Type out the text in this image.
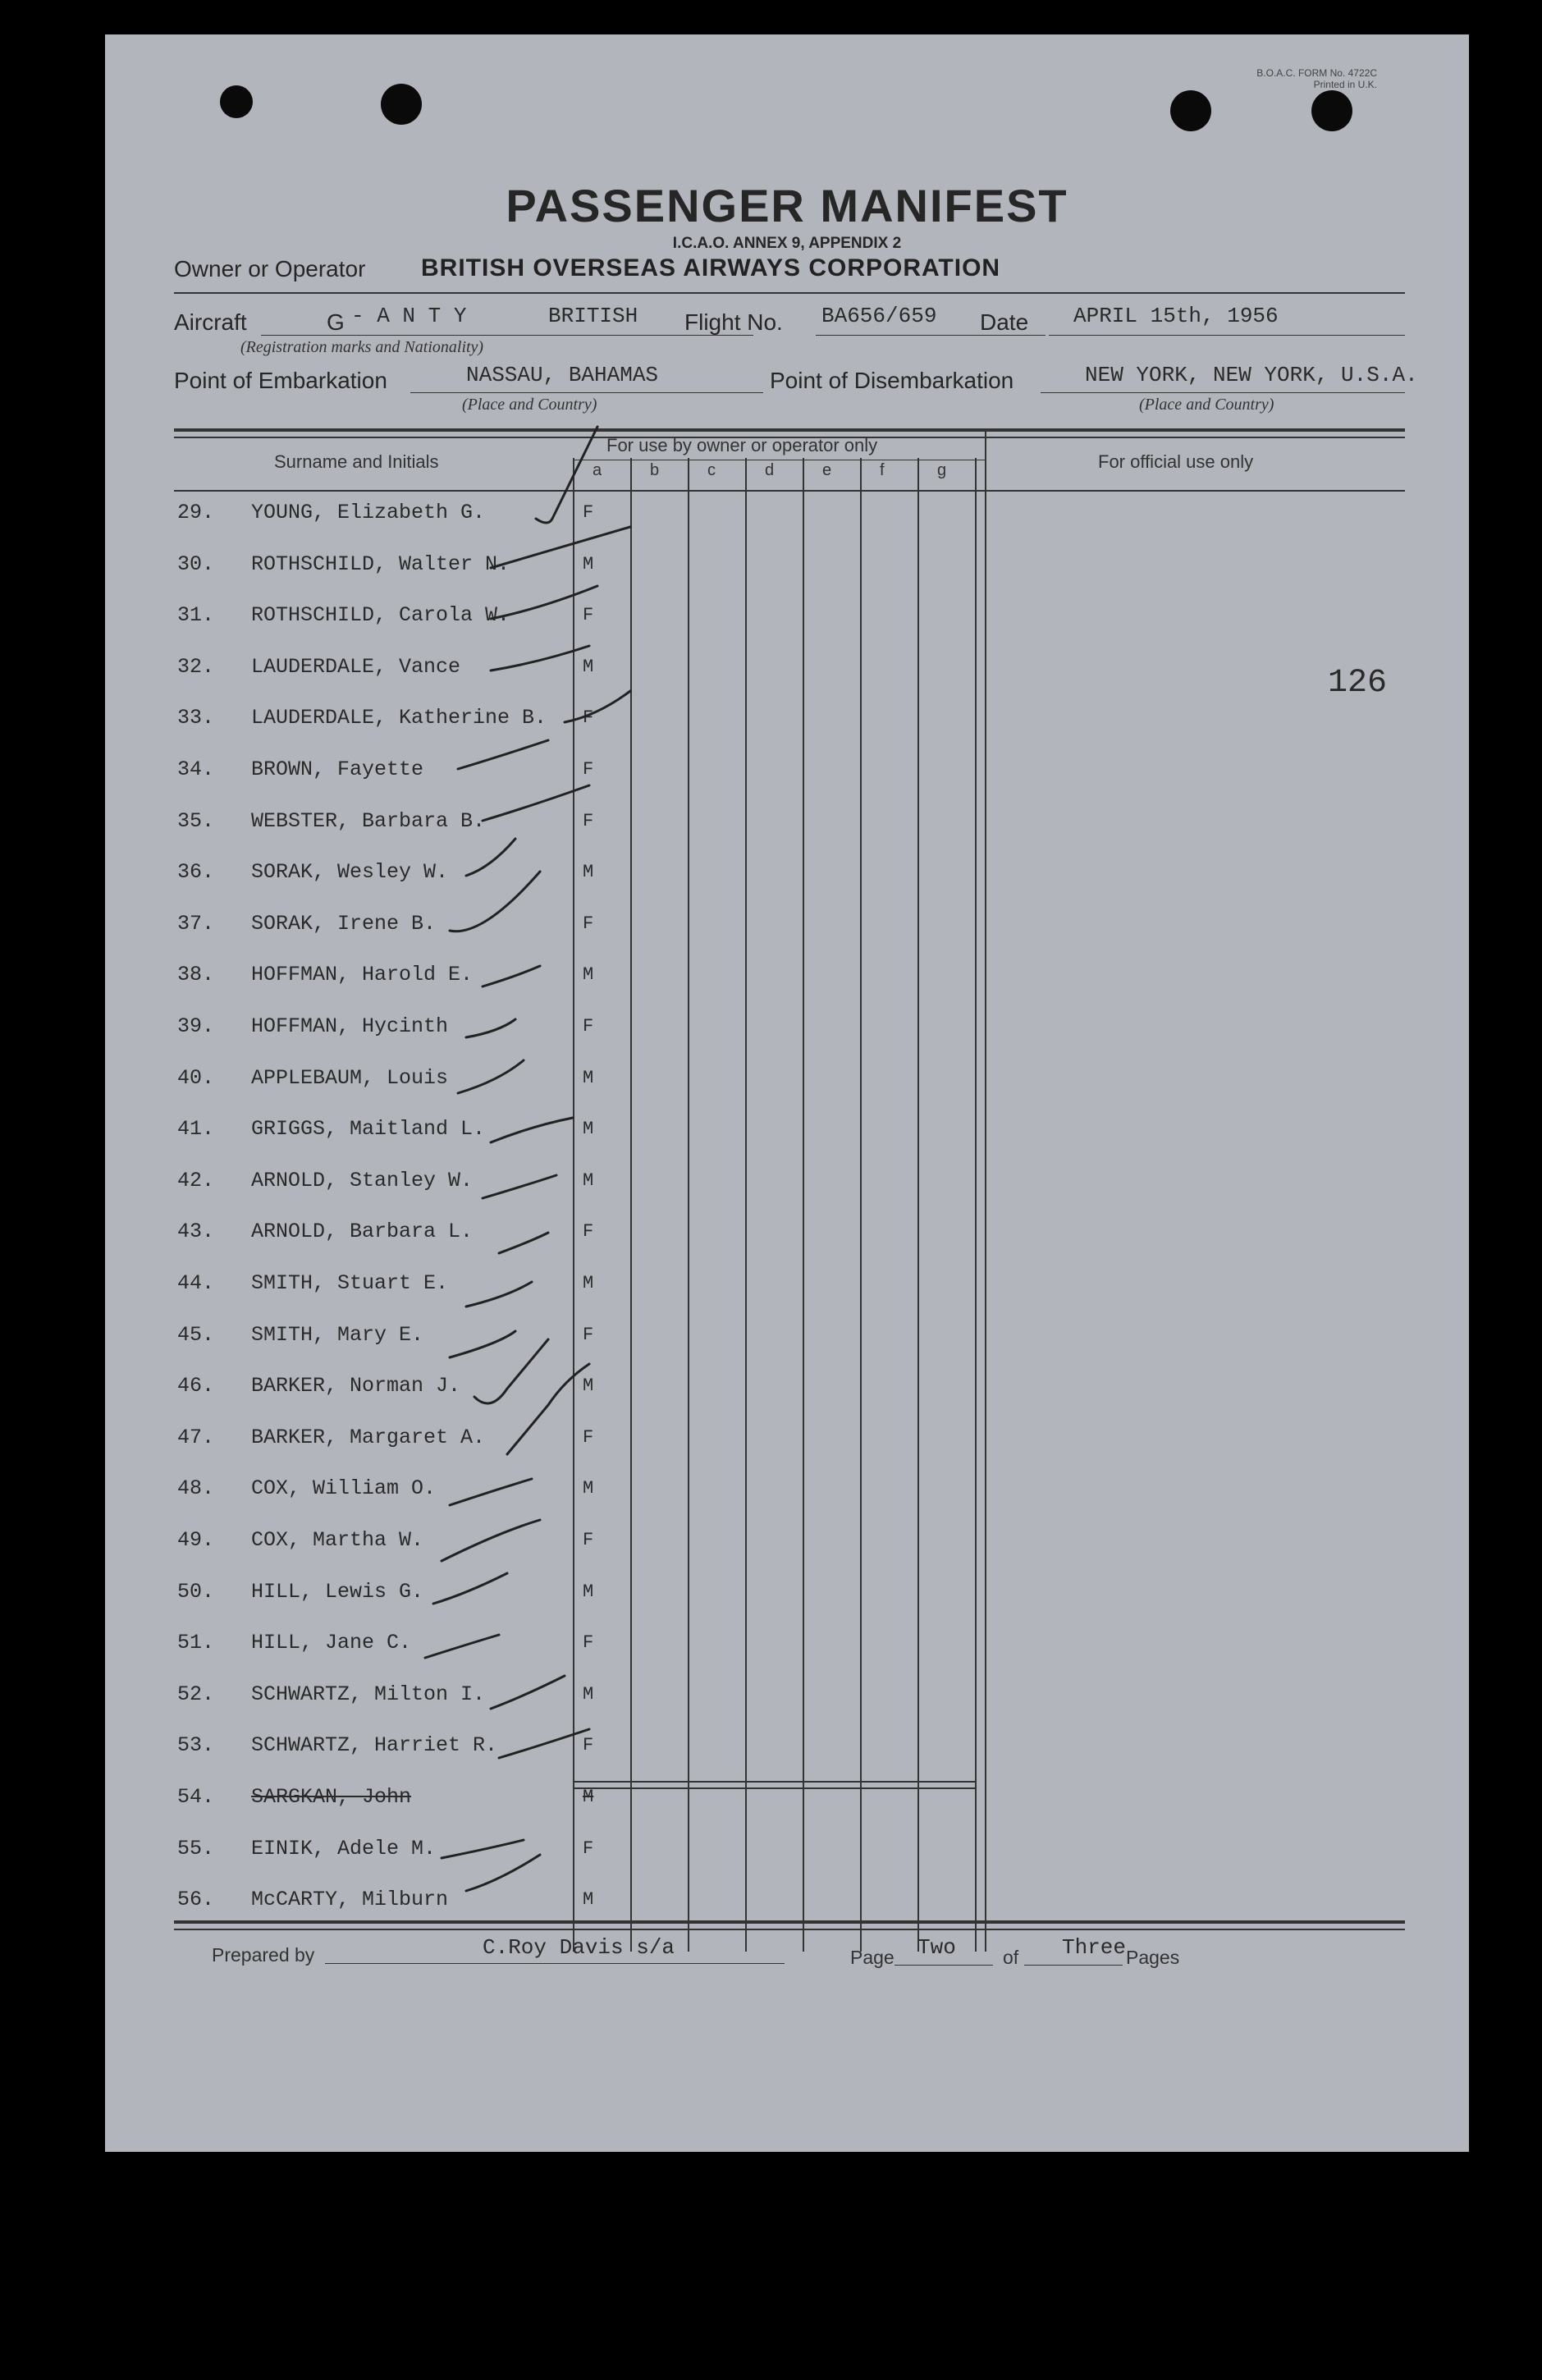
B.O.A.C. FORM No. 4722C
Printed in U.K.
PASSENGER MANIFEST
I.C.A.O. ANNEX 9, APPENDIX 2
Owner or Operator BRITISH OVERSEAS AIRWAYS CORPORATION
Aircraft	G - A N T Y	BRITISH
(Registration marks and Nationality)
Flight No. BA656/659 Date APRIL 15th, 1956
Point of Embarkation	NASSAU, BAHAMAS
(Place and Country)
Point of Disembarkation	NEW YORK, NEW YORK, U.S.A.
(Place and Country)
Surname and Initials
For use by owner or operator only
For official use only
a	b	c	d	e	f	g
126
29. YOUNG, Elizabeth G.	F
30. ROTHSCHILD, Walter N.	M
31. ROTHSCHILD, Carola W.	F
32. LAUDERDALE, Vance	M
33. LAUDERDALE, Katherine B. F
34. BROWN, Fayette	F
35. WEBSTER, Barbara B.	F
36. SORAK, Wesley W.	M
37. SORAK, Irene B.	F
38. HOFFMAN, Harold E.	M
39. HOFFMAN, Hycinth	F
40. APPLEBAUM, Louis	M
41. GRIGGS, Maitland L.	M
42. ARNOLD, Stanley W.	M
43. ARNOLD, Barbara L.	F
44. SMITH, Stuart E.	M
45. SMITH, Mary E.	F
46. BARKER, Norman J.	M
47. BARKER, Margaret A.	F
48. COX, William O.	M
49. COX, Martha W.	F
50. HILL, Lewis G.	M
51. HILL, Jane C.	F
52. SCHWARTZ, Milton I.	M
53. SCHWARTZ, Harriet R.	F
54. SARGKAN, John	M
55. EINIK, Adele M.	F
56. McCARTY, Milburn	M
Prepared by	C.Roy Davis s/a	Page Two of Three Pages
